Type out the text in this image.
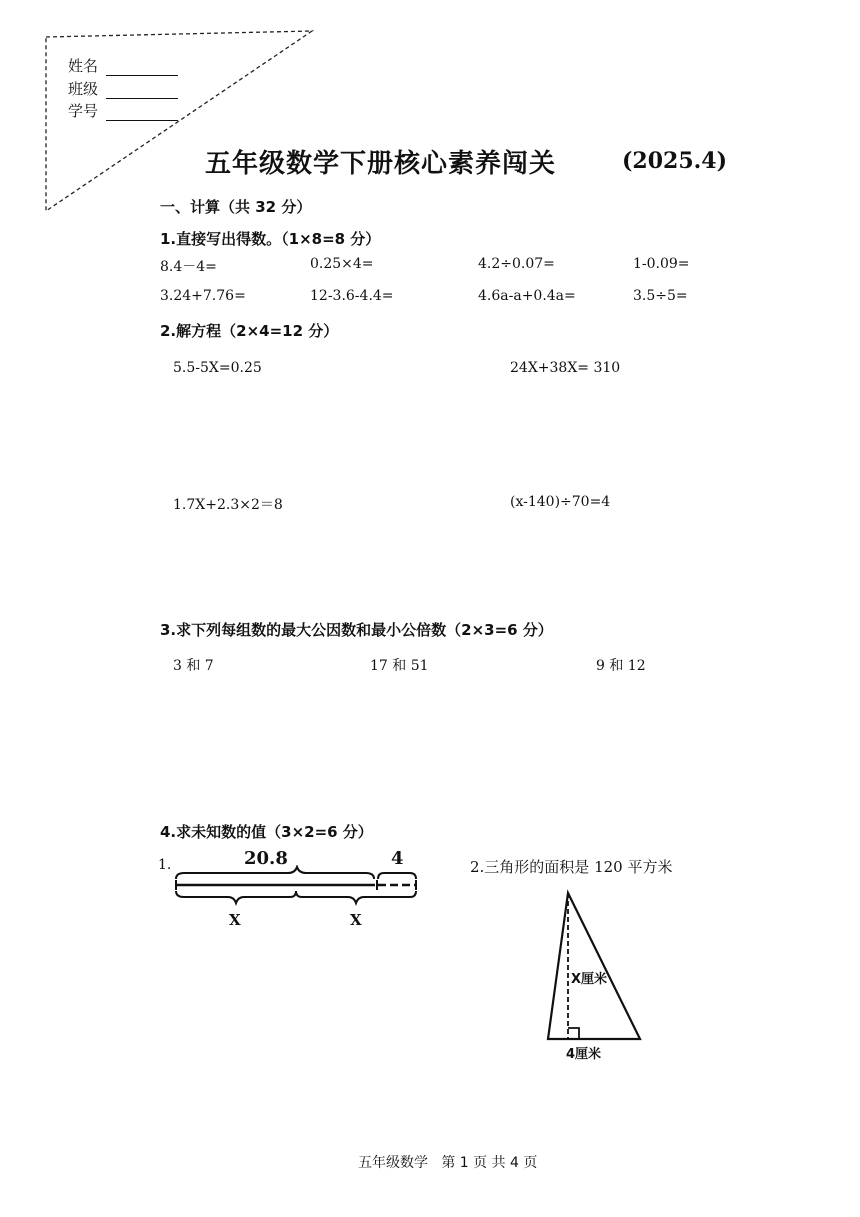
姓名
班级
学号
五年级数学下册核心素养闯关	(2025.4)
一、计算（共 32 分）
1.直接写出得数。（1×8=8 分）
8.4－4=	0.25×4=	4.2÷0.07=	1-0.09=
3.24+7.76=	12-3.6-4.4=	4.6a-a+0.4a=	3.5÷5=
2.解方程（2×4=12 分）
5.5-5X=0.25	24X+38X= 310
1.7X+2.3×2＝8	(x-140)÷70=4
3.求下列每组数的最大公因数和最小公倍数（2×3=6 分）
3 和 7	17 和 51	9 和 12
4.求未知数的值（3×2=6 分）
1.	20.8	4
X	X
2.三角形的面积是 120 平方米
X厘米
4厘米
五年级数学   第 1 页 共 4 页
